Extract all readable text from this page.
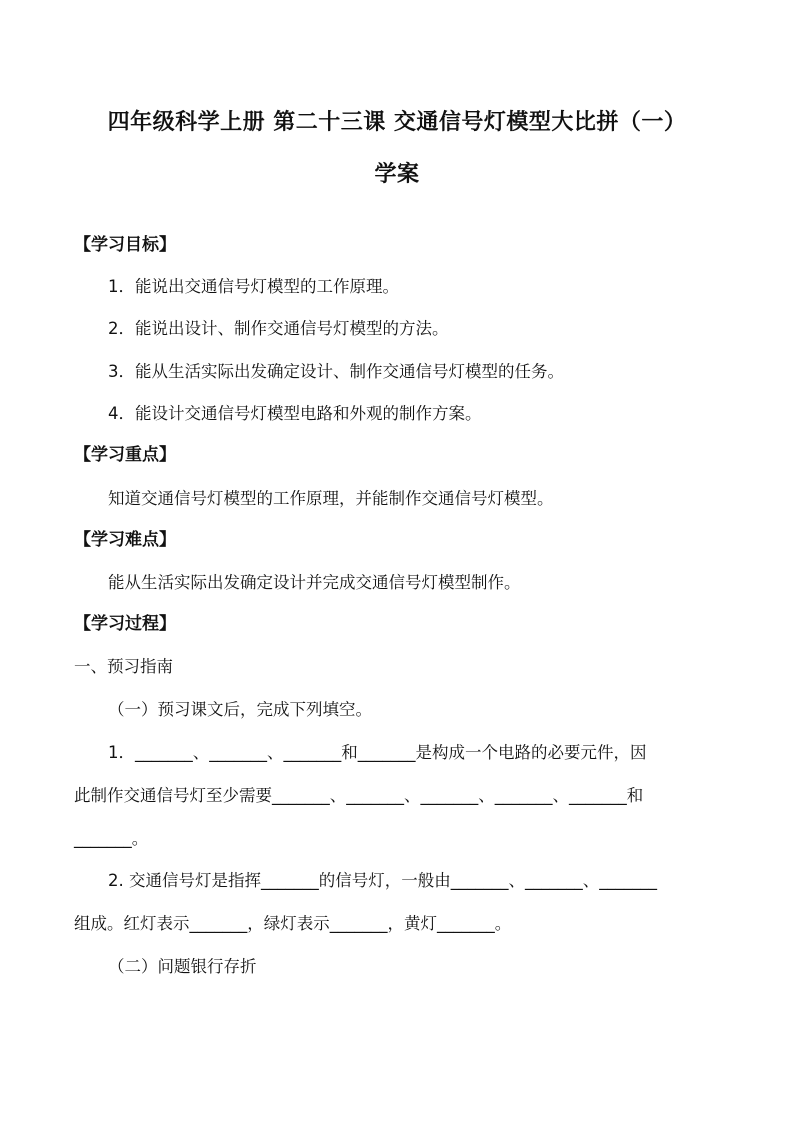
四年级科学上册 第二十三课 交通信号灯模型大比拼（一）
学案
【学习目标】
1．能说出交通信号灯模型的工作原理。
2．能说出设计、制作交通信号灯模型的方法。
3．能从生活实际出发确定设计、制作交通信号灯模型的任务。
4．能设计交通信号灯模型电路和外观的制作方案。
【学习重点】
知道交通信号灯模型的工作原理，并能制作交通信号灯模型。
【学习难点】
能从生活实际出发确定设计并完成交通信号灯模型制作。
【学习过程】
一、预习指南
（一）预习课文后，完成下列填空。
1．_______、_______、_______和_______是构成一个电路的必要元件，因
此制作交通信号灯至少需要_______、_______、_______、_______、_______和
_______。
2. 交通信号灯是指挥_______的信号灯，一般由_______、_______、_______
组成。红灯表示_______，绿灯表示_______，黄灯_______。
（二）问题银行存折
